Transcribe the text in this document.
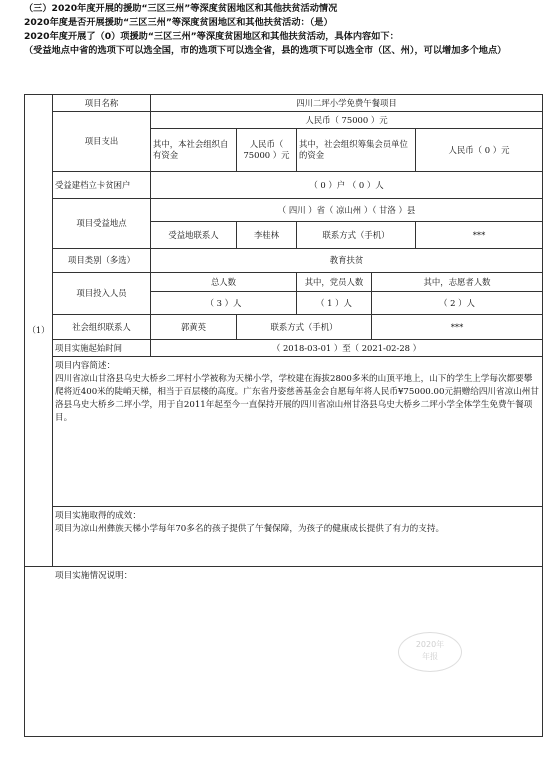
（三）2020年度开展的援助“三区三州”等深度贫困地区和其他扶贫活动情况
2020年度是否开展援助“三区三州”等深度贫困地区和其他扶贫活动：（是）
2020年度开展了（0）项援助“三区三州”等深度贫困地区和其他扶贫活动，具体内容如下：
（受益地点中省的选项下可以选全国，市的选项下可以选全省，县的选项下可以选全市（区、州），可以增加多个地点）
（1）	项目名称	四川二坪小学免费午餐项目				
	项目支出	人民币（ 75000 ）元				
		其中，本社会组织自有资金	人民币（ 75000 ）元	其中，社会组织筹集会员单位的资金		人民币（ 0 ）元
	受益建档立卡贫困户	（ 0 ）户 （ 0 ）人				
	项目受益地点	（ 四川 ）省（ 凉山州 ）（ 甘洛 ）县				
		受益地联系人	李桂林	联系方式（手机）		***
	项目类别（多选）	教育扶贫				
	项目投入人员	总人数		其中，党员人数	其中，志愿者人数	
		（ 3 ）人		（ 1 ）人	（ 2 ）人	
	社会组织联系人	郭黄英	联系方式（手机）		***	
	项目实施起始时间	（ 2018-03-01 ）至（ 2021-02-28 ）				

	项目内容简述：
四川省凉山甘洛县乌史大桥乡二坪村小学被称为天梯小学，学校建在海拔2800多米的山顶平地上，山下的学生上学每次都要攀爬将近400米的陡峭天梯，相当于百层楼的高度。广东省丹姿慈善基金会自愿每年将人民币¥75000.00元捐赠给四川省凉山州甘洛县乌史大桥乡二坪小学，用于自2011年起至今一直保持开展的四川省凉山州甘洛县乌史大桥乡二坪小学全体学生免费午餐项目。					

	项目实施取得的成效：
项目为凉山州彝族天梯小学每年70多名的孩子提供了午餐保障，为孩子的健康成长提供了有力的支持。					

项目实施情况说明：						
2020年
年报
